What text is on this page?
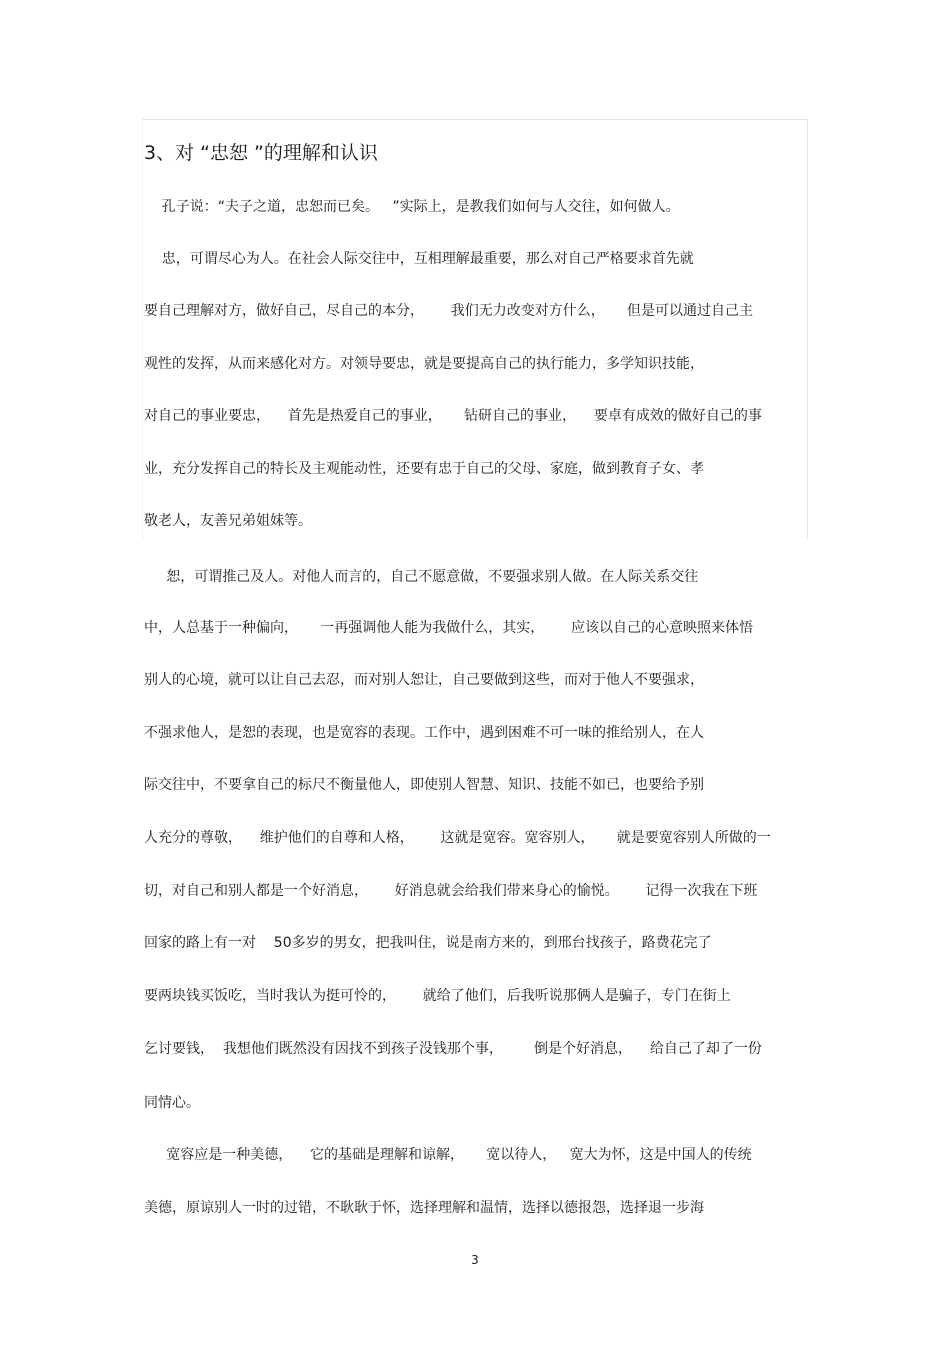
3、对 “忠恕 ”的理解和认识

孔子说：“夫子之道，忠恕而已矣。   ”实际上，是教我们如何与人交往，如何做人。

忠，可谓尽心为人。在社会人际交往中，互相理解最重要，那么对自己严格要求首先就

要自己理解对方，做好自己，尽自己的本分，      我们无力改变对方什么，     但是可以通过自己主

观性的发挥，从而来感化对方。对领导要忠，就是要提高自己的执行能力，多学知识技能，

对自己的事业要忠，    首先是热爱自己的事业，     钻研自己的事业，    要卓有成效的做好自己的事

业，充分发挥自己的特长及主观能动性，还要有忠于自己的父母、家庭，做到教育子女、孝

敬老人，友善兄弟姐妹等。

恕，可谓推己及人。对他人而言的，自己不愿意做，不要强求别人做。在人际关系交往

中，人总基于一种偏向，     一再强调他人能为我做什么，其实，      应该以自己的心意映照来体悟

别人的心境，就可以让自己去忍，而对别人恕让，自己要做到这些，而对于他人不要强求，

不强求他人，是恕的表现，也是宽容的表现。工作中，遇到困难不可一味的推给别人，在人

际交往中，不要拿自己的标尺不衡量他人，即使别人智慧、知识、技能不如已，也要给予别

人充分的尊敬，    维护他们的自尊和人格，      这就是宽容。宽容别人，     就是要宽容别人所做的一

切，对自己和别人都是一个好消息，      好消息就会给我们带来身心的愉悦。      记得一次我在下班

回家的路上有一对    50多岁的男女，把我叫住，说是南方来的，到邢台找孩子，路费花完了

要两块钱买饭吃，当时我认为挺可怜的，      就给了他们，后我听说那俩人是骗子，专门在街上

乞讨要钱，  我想他们既然没有因找不到孩子没钱那个事，       倒是个好消息，    给自己了却了一份

同情心。

宽容应是一种美德，    它的基础是理解和谅解，     宽以待人，   宽大为怀，这是中国人的传统

美德，原谅别人一时的过错，不耿耿于怀，选择理解和温情，选择以德报怨，选择退一步海

3
